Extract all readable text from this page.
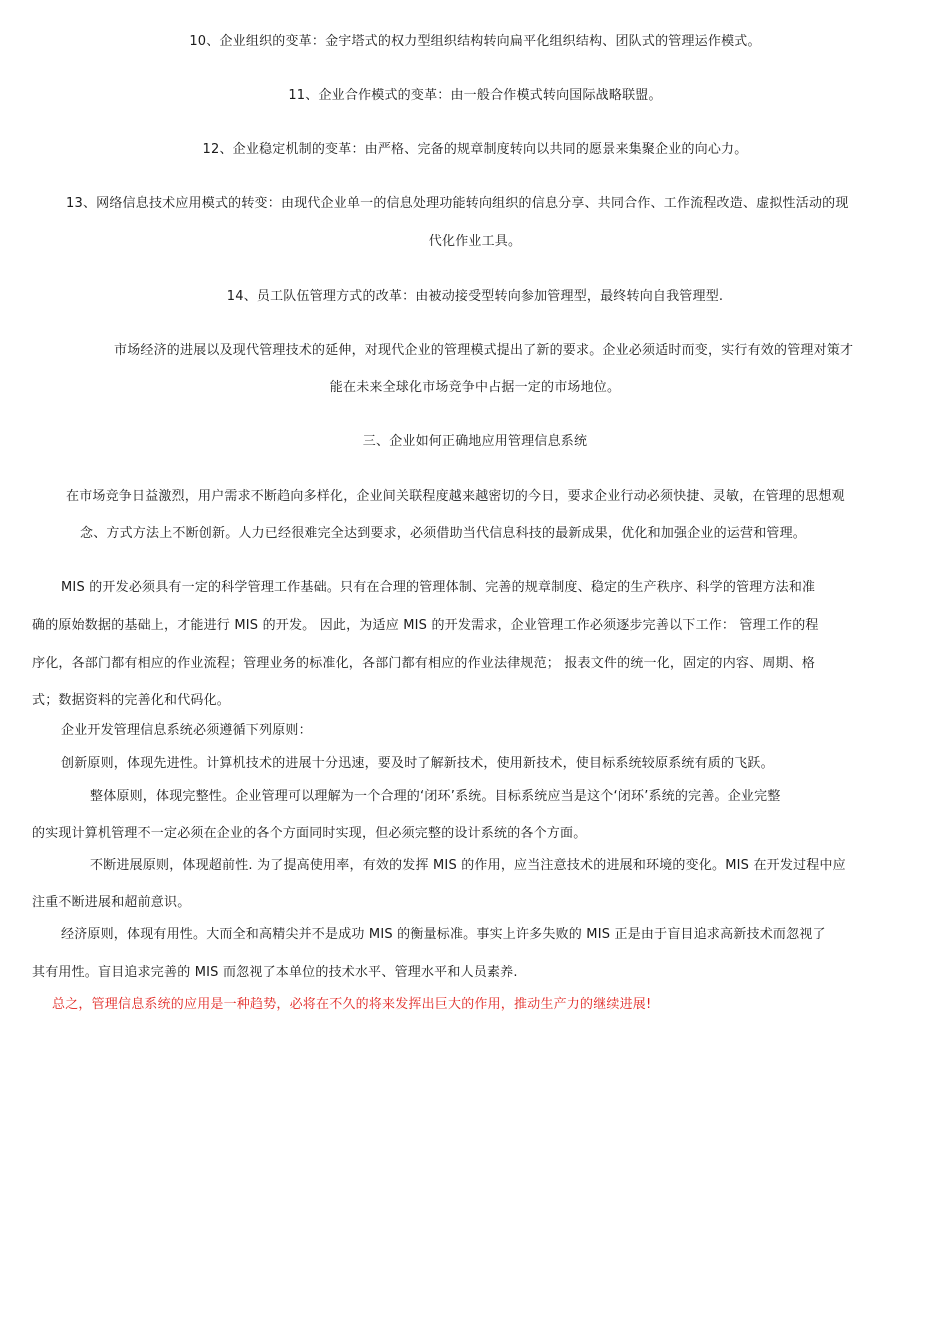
10、企业组织的变革：金宇塔式的权力型组织结构转向扁平化组织结构、团队式的管理运作模式。

11、企业合作模式的变革：由一般合作模式转向国际战略联盟。

12、企业稳定机制的变革：由严格、完备的规章制度转向以共同的愿景来集聚企业的向心力。

13、网络信息技术应用模式的转变：由现代企业单一的信息处理功能转向组织的信息分享、共同合作、工作流程改造、虚拟性活动的现

代化作业工具。

14、员工队伍管理方式的改革：由被动接受型转向参加管理型，最终转向自我管理型.

市场经济的进展以及现代管理技术的延伸，对现代企业的管理模式提出了新的要求。企业必须适时而变，实行有效的管理对策才

能在未来全球化市场竞争中占据一定的市场地位。

三、企业如何正确地应用管理信息系统

在市场竞争日益激烈，用户需求不断趋向多样化，企业间关联程度越来越密切的今日，要求企业行动必须快捷、灵敏，在管理的思想观

念、方式方法上不断创新。人力已经很难完全达到要求，必须借助当代信息科技的最新成果，优化和加强企业的运营和管理。

MIS 的开发必须具有一定的科学管理工作基础。只有在合理的管理体制、完善的规章制度、稳定的生产秩序、科学的管理方法和准

确的原始数据的基础上，才能进行 MIS 的开发。 因此，为适应 MIS 的开发需求，企业管理工作必须逐步完善以下工作： 管理工作的程

序化，各部门都有相应的作业流程；管理业务的标准化，各部门都有相应的作业法律规范； 报表文件的统一化，固定的内容、周期、格

式；数据资料的完善化和代码化。

企业开发管理信息系统必须遵循下列原则：

创新原则，体现先进性。计算机技术的进展十分迅速，要及时了解新技术，使用新技术，使目标系统较原系统有质的飞跃。

整体原则，体现完整性。企业管理可以理解为一个合理的‘闭环’系统。目标系统应当是这个‘闭环’系统的完善。企业完整

的实现计算机管理不一定必须在企业的各个方面同时实现，但必须完整的设计系统的各个方面。

不断进展原则，体现超前性. 为了提高使用率，有效的发挥 MIS 的作用，应当注意技术的进展和环境的变化。MIS 在开发过程中应

注重不断进展和超前意识。

经济原则，体现有用性。大而全和高精尖并不是成功 MIS 的衡量标准。事实上许多失败的 MIS 正是由于盲目追求高新技术而忽视了

其有用性。盲目追求完善的 MIS 而忽视了本单位的技术水平、管理水平和人员素养.

总之，管理信息系统的应用是一种趋势，必将在不久的将来发挥出巨大的作用，推动生产力的继续进展!
